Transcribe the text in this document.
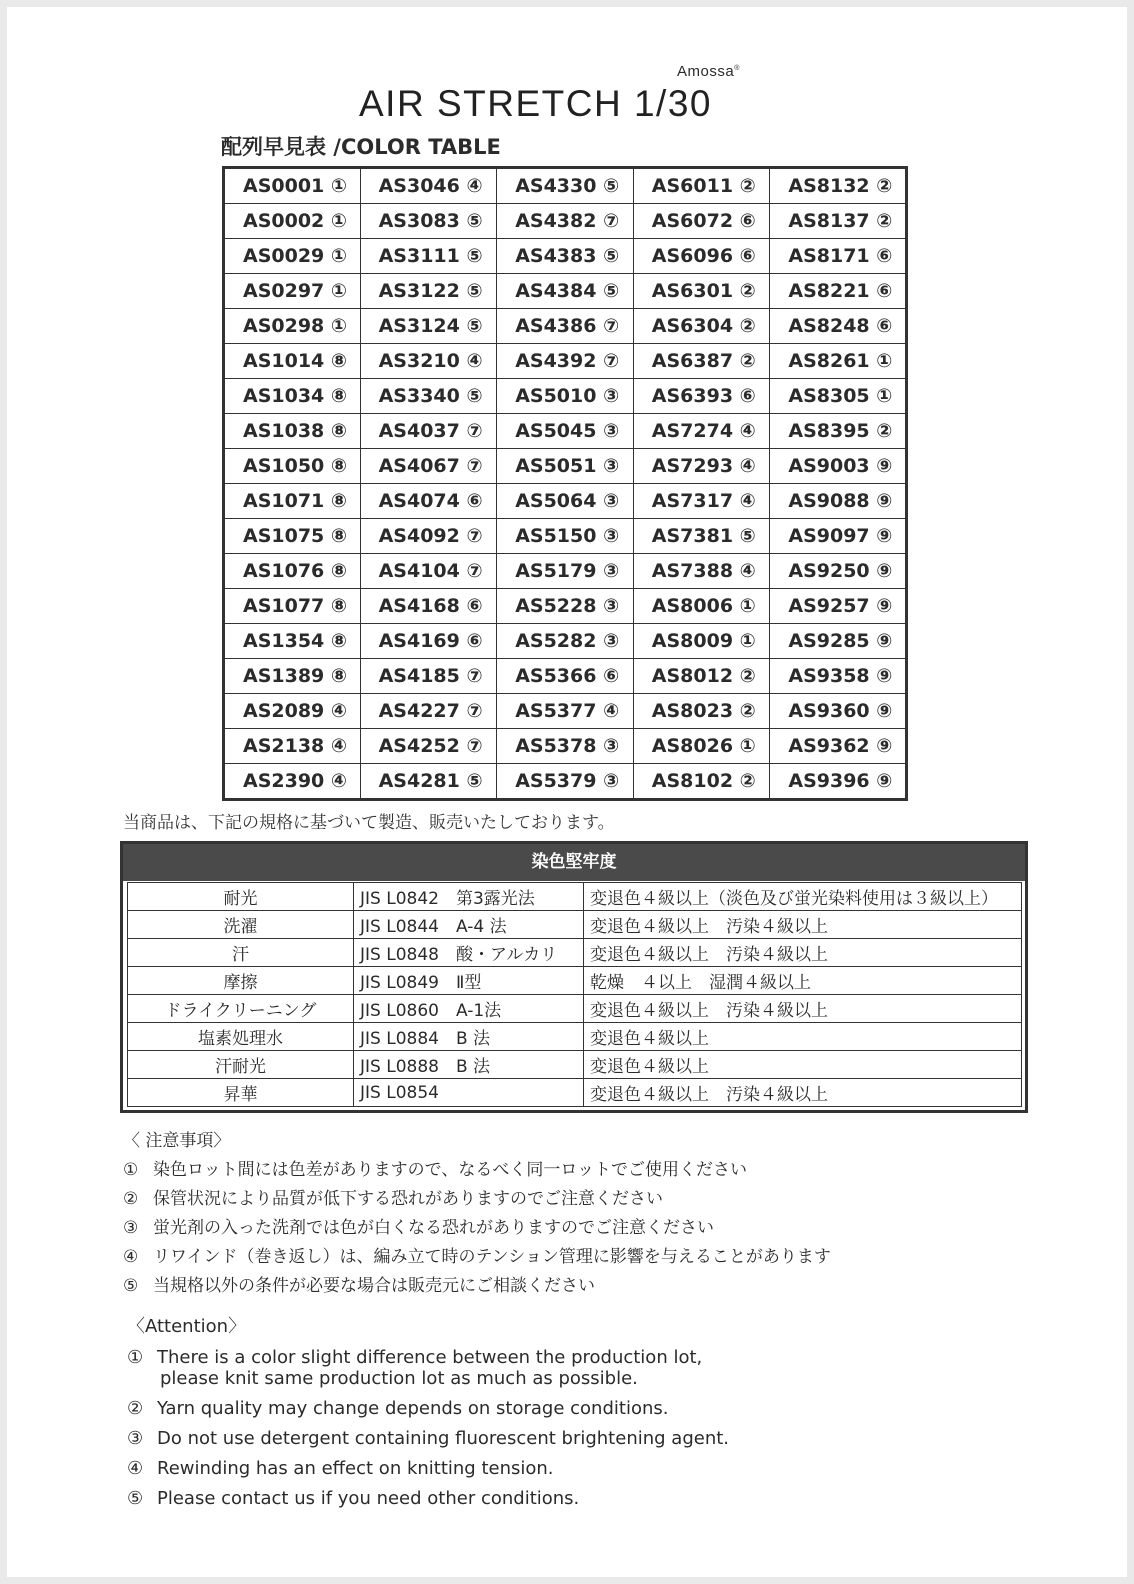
Amossa®
AIR STRETCH 1/30
配列早見表 /COLOR TABLE
AS0001 ①	AS3046 ④	AS4330 ⑤	AS6011 ②	AS8132 ②
AS0002 ①	AS3083 ⑤	AS4382 ⑦	AS6072 ⑥	AS8137 ②
AS0029 ①	AS3111 ⑤	AS4383 ⑤	AS6096 ⑥	AS8171 ⑥
AS0297 ①	AS3122 ⑤	AS4384 ⑤	AS6301 ②	AS8221 ⑥
AS0298 ①	AS3124 ⑤	AS4386 ⑦	AS6304 ②	AS8248 ⑥
AS1014 ⑧	AS3210 ④	AS4392 ⑦	AS6387 ②	AS8261 ①
AS1034 ⑧	AS3340 ⑤	AS5010 ③	AS6393 ⑥	AS8305 ①
AS1038 ⑧	AS4037 ⑦	AS5045 ③	AS7274 ④	AS8395 ②
AS1050 ⑧	AS4067 ⑦	AS5051 ③	AS7293 ④	AS9003 ⑨
AS1071 ⑧	AS4074 ⑥	AS5064 ③	AS7317 ④	AS9088 ⑨
AS1075 ⑧	AS4092 ⑦	AS5150 ③	AS7381 ⑤	AS9097 ⑨
AS1076 ⑧	AS4104 ⑦	AS5179 ③	AS7388 ④	AS9250 ⑨
AS1077 ⑧	AS4168 ⑥	AS5228 ③	AS8006 ①	AS9257 ⑨
AS1354 ⑧	AS4169 ⑥	AS5282 ③	AS8009 ①	AS9285 ⑨
AS1389 ⑧	AS4185 ⑦	AS5366 ⑥	AS8012 ②	AS9358 ⑨
AS2089 ④	AS4227 ⑦	AS5377 ④	AS8023 ②	AS9360 ⑨
AS2138 ④	AS4252 ⑦	AS5378 ③	AS8026 ①	AS9362 ⑨
AS2390 ④	AS4281 ⑤	AS5379 ③	AS8102 ②	AS9396 ⑨
当商品は、下記の規格に基づいて製造、販売いたしております。
染色堅牢度
耐光	JIS L0842　第3露光法	変退色４級以上（淡色及び蛍光染料使用は３級以上）
洗濯	JIS L0844　A-4 法	変退色４級以上　汚染４級以上
汗	JIS L0848　酸・アルカリ	変退色４級以上　汚染４級以上
摩擦	JIS L0849　Ⅱ型	乾燥　４以上　湿潤４級以上
ドライクリーニング	JIS L0860　A-1法	変退色４級以上　汚染４級以上
塩素処理水	JIS L0884　B 法	変退色４級以上
汗耐光	JIS L0888　B 法	変退色４級以上
昇華	JIS L0854	変退色４級以上　汚染４級以上
〈 注意事項〉
① 染色ロット間には色差がありますので、なるべく同一ロットでご使用ください
② 保管状況により品質が低下する恐れがありますのでご注意ください
③ 蛍光剤の入った洗剤では色が白くなる恐れがありますのでご注意ください
④ リワインド（巻き返し）は、編み立て時のテンション管理に影響を与えることがあります
⑤ 当規格以外の条件が必要な場合は販売元にご相談ください
〈Attention〉
① There is a color slight difference between the production lot,
please knit same production lot as much as possible.
② Yarn quality may change depends on storage conditions.
③ Do not use detergent containing fluorescent brightening agent.
④ Rewinding has an effect on knitting tension.
⑤ Please contact us if you need other conditions.
